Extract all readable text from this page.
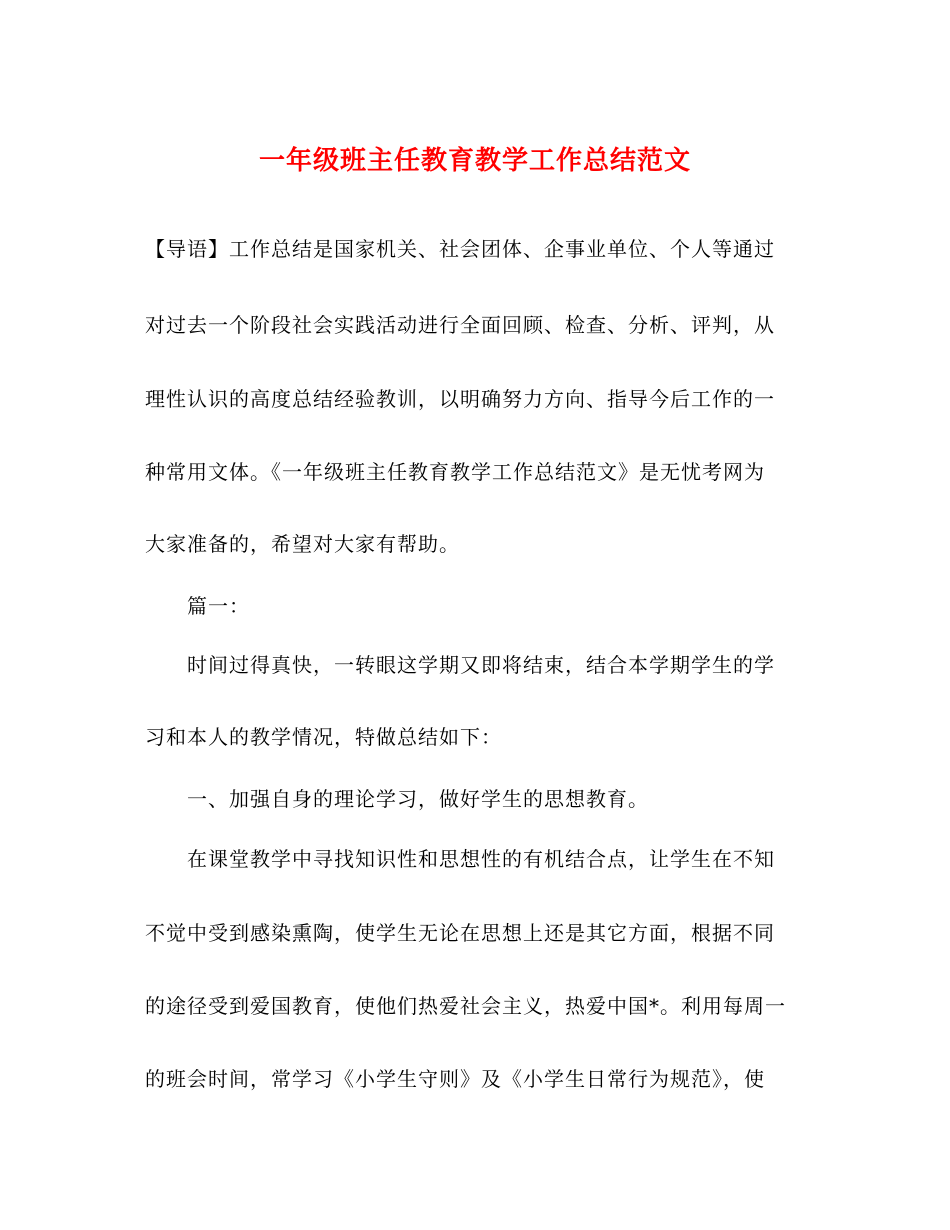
一年级班主任教育教学工作总结范文
【导语】工作总结是国家机关、社会团体、企事业单位、个人等通过
对过去一个阶段社会实践活动进行全面回顾、检查、分析、评判，从
理性认识的高度总结经验教训，以明确努力方向、指导今后工作的一
种常用文体。《一年级班主任教育教学工作总结范文》是无忧考网为
大家准备的，希望对大家有帮助。
篇一：
时间过得真快，一转眼这学期又即将结束，结合本学期学生的学
习和本人的教学情况，特做总结如下：
一、加强自身的理论学习，做好学生的思想教育。
在课堂教学中寻找知识性和思想性的有机结合点，让学生在不知
不觉中受到感染熏陶，使学生无论在思想上还是其它方面，根据不同
的途径受到爱国教育，使他们热爱社会主义，热爱中国*。利用每周一
的班会时间，常学习《小学生守则》及《小学生日常行为规范》，使
